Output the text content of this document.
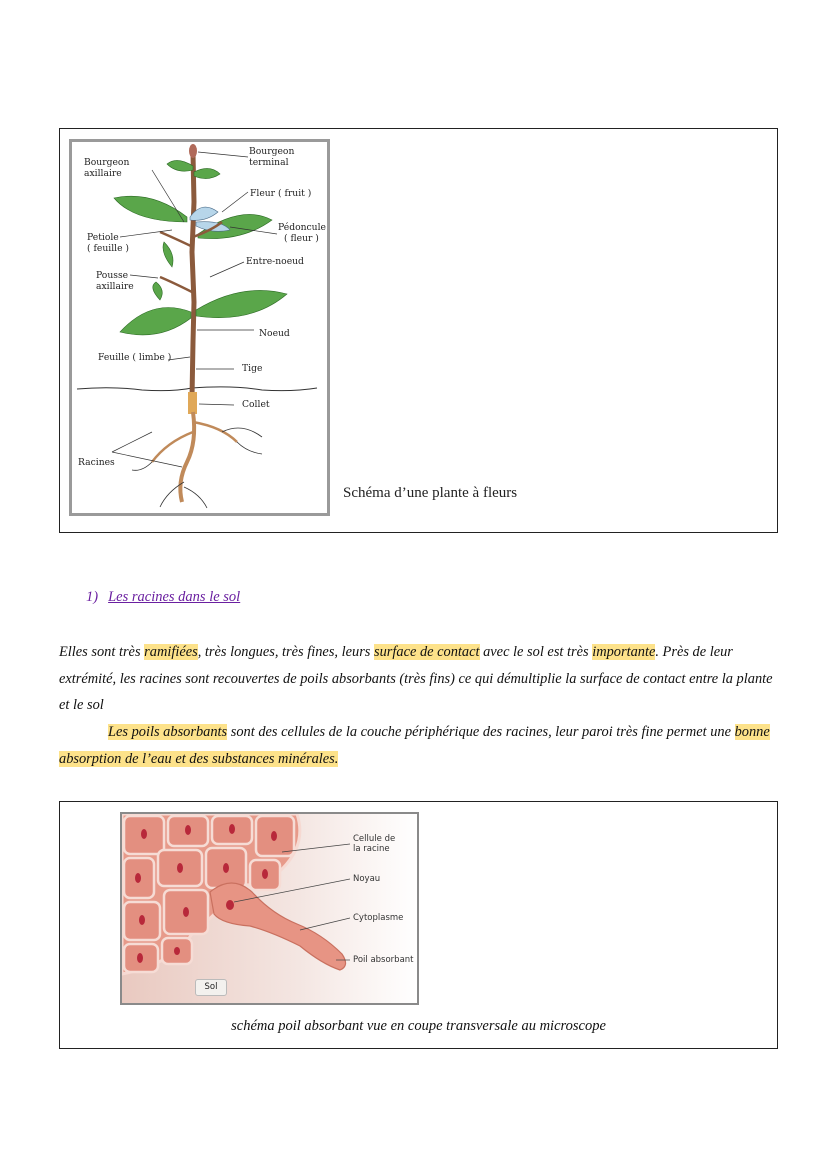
Bourgeon
axillaire
Bourgeon
terminal
Fleur ( fruit )
Petiole
( feuille )
Pédoncule
( fleur )
Entre-noeud
Pousse
axillaire
Noeud
Feuille ( limbe )
Tige
Collet
Racines
Schéma d’une plante à fleurs
1) Les racines dans le sol
Elles sont très ramifiées, très longues, très fines, leurs surface de contact avec le sol est très importante. Près de leur extrémité, les racines sont recouvertes de poils absorbants (très fins) ce qui démultiplie la surface de contact entre la plante et le sol
Les poils absorbants sont des cellules de la couche périphérique des racines, leur paroi très fine permet une bonne absorption de l’eau et des substances minérales.
Cellule de
la racine
Noyau
Cytoplasme
Poil absorbant
Sol
schéma poil absorbant vue en coupe transversale au microscope
